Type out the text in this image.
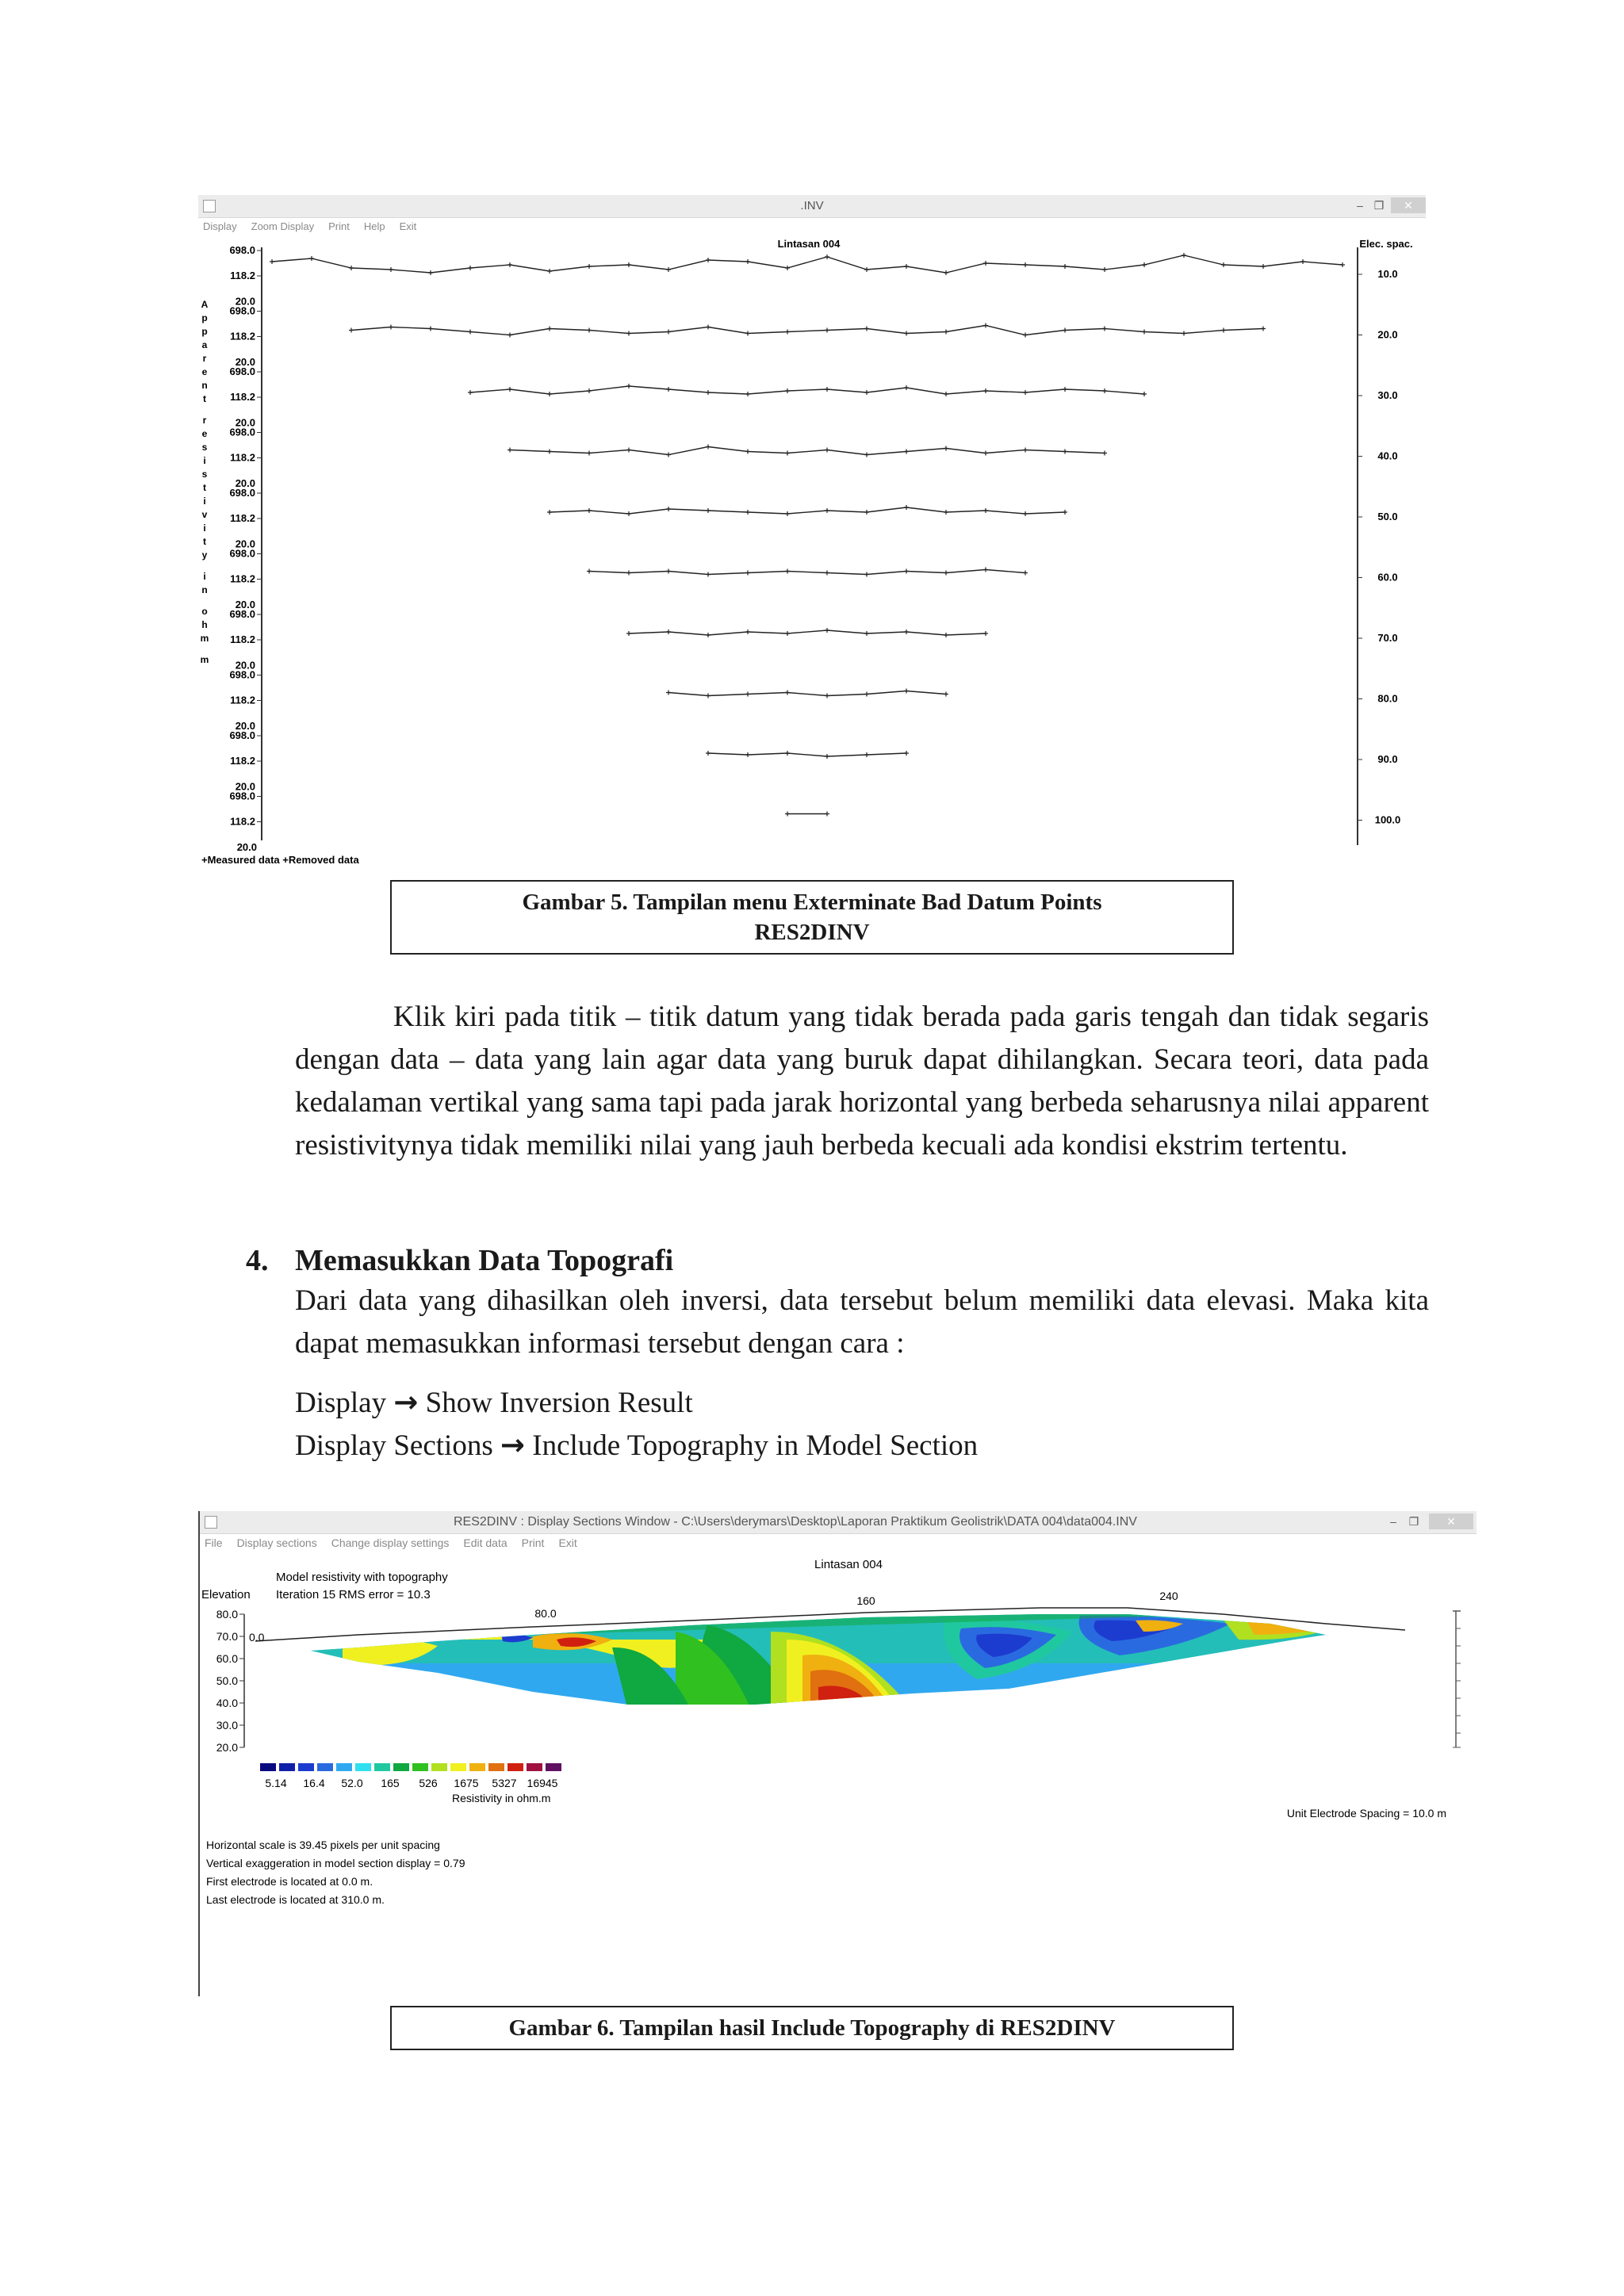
.INV	‒ ❐	✕
Display Zoom Display Print Help Exit
Lintasan 004	Elec. spac.
698.0
118.2
698.0
118.2
20.0
698.0
118.2
20.0
698.0
118.2
20.0
698.0
118.2
20.0
698.0
118.2
20.0
698.0
118.2
20.0
698.0
118.2
20.0
698.0
118.2
20.0
698.0
118.2
20.0
10.0
20.0
30.0
40.0
50.0
60.0
70.0
80.0
90.0
100.0
A
p
p
a
r
e
n
t
r
e
s
i
s
t
i
v
i
t
y
i
n
o
h
m
m
20.0
+Measured data +Removed data
Gambar 5. Tampilan menu Exterminate Bad Datum Points
RES2DINV
Klik kiri pada titik – titik datum yang tidak berada pada garis tengah dan tidak segaris dengan data – data yang lain agar data yang buruk dapat dihilangkan. Secara teori, data pada kedalaman vertikal yang sama tapi pada jarak horizontal yang berbeda seharusnya nilai apparent resistivitynya tidak memiliki nilai yang jauh berbeda kecuali ada kondisi ekstrim tertentu.
4. Memasukkan Data Topografi
Dari data yang dihasilkan oleh inversi, data tersebut belum memiliki data elevasi. Maka kita dapat memasukkan informasi tersebut dengan cara :
Display → Show Inversion Result
Display Sections → Include Topography in Model Section
RES2DINV : Display Sections Window - C:\Users\derymars\Desktop\Laporan Praktikum Geolistrik\DATA 004\data004.INV	‒	❐	✕
File Display sections Change display settings Edit data Print Exit
Lintasan 004
Model resistivity with topography
Iteration 15 RMS error = 10.3
Elevation
80.0
70.0
60.0
50.0
40.0
30.0
20.0
0.0
80.0
160	240
5.14 16.4 52.0 165 526 1675 5327 16945
Resistivity in ohm.m
Unit Electrode Spacing = 10.0 m
Horizontal scale is 39.45 pixels per unit spacing
Vertical exaggeration in model section display = 0.79
First electrode is located at 0.0 m.
Last electrode is located at 310.0 m.
Gambar 6. Tampilan hasil Include Topography di RES2DINV
